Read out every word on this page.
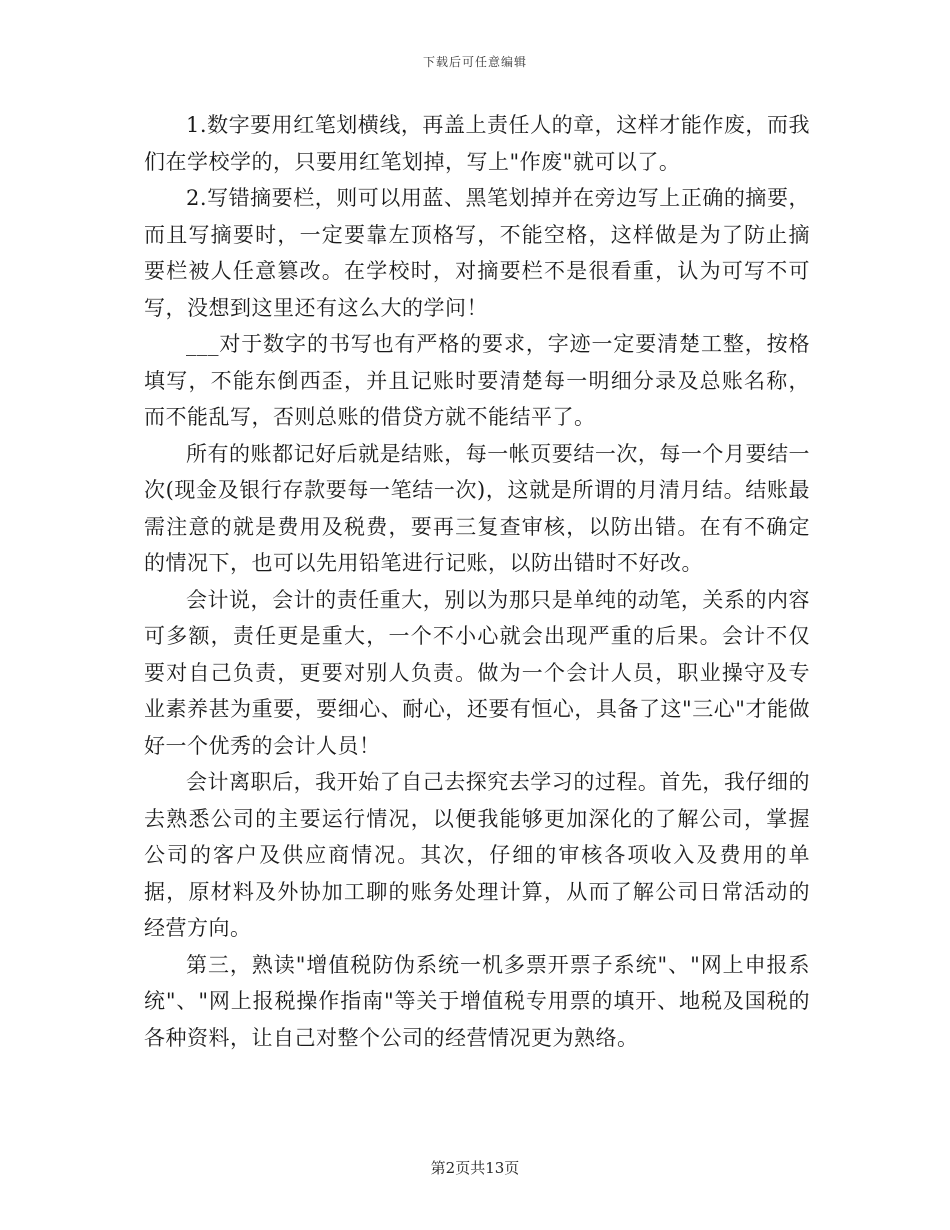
下载后可任意编辑

1.数字要用红笔划横线，再盖上责任人的章，这样才能作废，而我们在学校学的，只要用红笔划掉，写上"作废"就可以了。

2.写错摘要栏，则可以用蓝、黑笔划掉并在旁边写上正确的摘要，而且写摘要时，一定要靠左顶格写，不能空格，这样做是为了防止摘要栏被人任意篡改。在学校时，对摘要栏不是很看重，认为可写不可写，没想到这里还有这么大的学问！

___对于数字的书写也有严格的要求，字迹一定要清楚工整，按格填写，不能东倒西歪，并且记账时要清楚每一明细分录及总账名称，而不能乱写，否则总账的借贷方就不能结平了。

所有的账都记好后就是结账，每一帐页要结一次，每一个月要结一次(现金及银行存款要每一笔结一次)，这就是所谓的月清月结。结账最需注意的就是费用及税费，要再三复查审核，以防出错。在有不确定的情况下，也可以先用铅笔进行记账，以防出错时不好改。

会计说，会计的责任重大，别以为那只是单纯的动笔，关系的内容可多额，责任更是重大，一个不小心就会出现严重的后果。会计不仅要对自己负责，更要对别人负责。做为一个会计人员，职业操守及专业素养甚为重要，要细心、耐心，还要有恒心，具备了这"三心"才能做好一个优秀的会计人员！

会计离职后，我开始了自己去探究去学习的过程。首先，我仔细的去熟悉公司的主要运行情况，以便我能够更加深化的了解公司，掌握公司的客户及供应商情况。其次，仔细的审核各项收入及费用的单据，原材料及外协加工聊的账务处理计算，从而了解公司日常活动的经营方向。

第三，熟读"增值税防伪系统一机多票开票子系统"、"网上申报系统"、"网上报税操作指南"等关于增值税专用票的填开、地税及国税的各种资料，让自己对整个公司的经营情况更为熟络。

第2页共13页
